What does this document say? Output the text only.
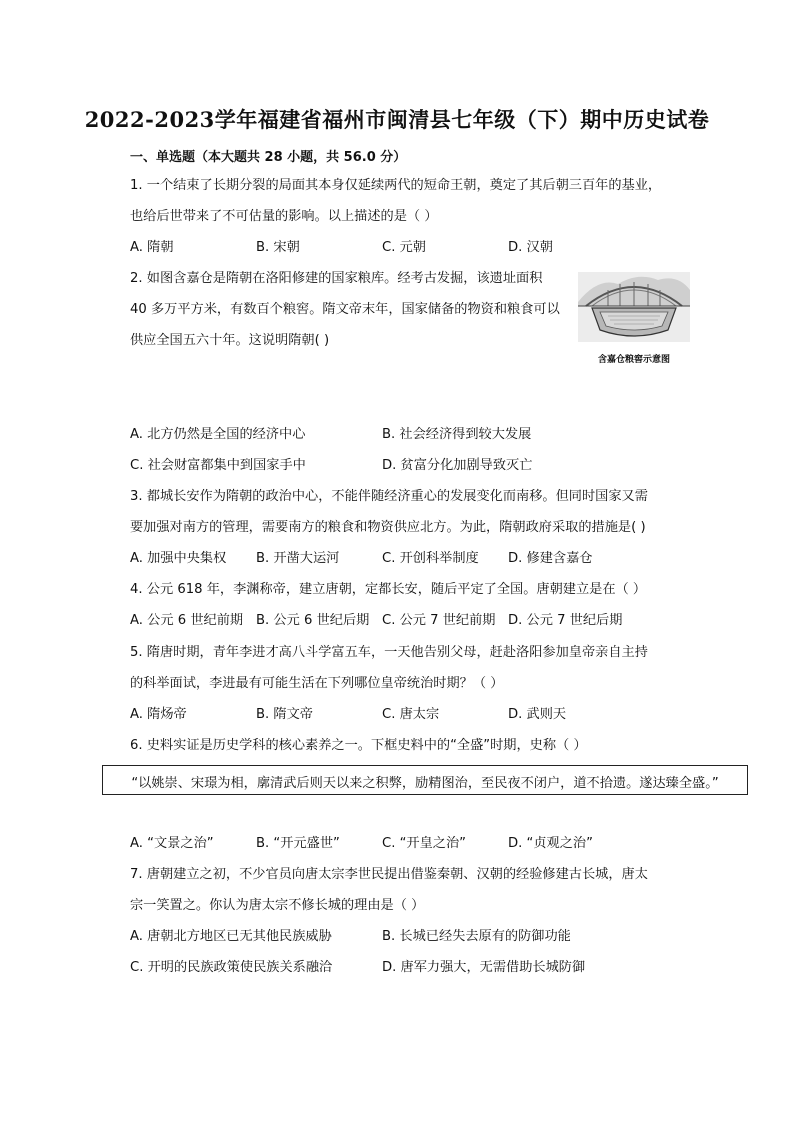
2022-2023学年福建省福州市闽清县七年级（下）期中历史试卷
一、单选题（本大题共 28 小题，共 56.0 分）
1. 一个结束了长期分裂的局面其本身仅延续两代的短命王朝，奠定了其后朝三百年的基业，
也给后世带来了不可估量的影响。以上描述的是（ ）
A. 隋朝	B. 宋朝	C. 元朝	D. 汉朝
2. 如图含嘉仓是隋朝在洛阳修建的国家粮库。经考古发掘，该遗址面积
40 多万平方米，有数百个粮窖。隋文帝末年，国家储备的物资和粮食可以
供应全国五六十年。这说明隋朝( )
含嘉仓粮窖示意图
A. 北方仍然是全国的经济中心	B. 社会经济得到较大发展
C. 社会财富都集中到国家手中	D. 贫富分化加剧导致灭亡
3. 都城长安作为隋朝的政治中心，不能伴随经济重心的发展变化而南移。但同时国家又需
要加强对南方的管理，需要南方的粮食和物资供应北方。为此，隋朝政府采取的措施是( )
A. 加强中央集权 B. 开凿大运河	C. 开创科举制度 D. 修建含嘉仓
4. 公元 618 年，李渊称帝，建立唐朝，定都长安，随后平定了全国。唐朝建立是在（ ）
A. 公元 6 世纪前期 B. 公元 6 世纪后期 C. 公元 7 世纪前期 D. 公元 7 世纪后期
5. 隋唐时期，青年李进才高八斗学富五车，一天他告别父母，赶赴洛阳参加皇帝亲自主持
的科举面试，李进最有可能生活在下列哪位皇帝统治时期？（ ）
A. 隋炀帝	B. 隋文帝	C. 唐太宗	D. 武则天
6. 史料实证是历史学科的核心素养之一。下框史料中的“全盛”时期，史称（ ）
“以姚崇、宋璟为相，廓清武后则天以来之积弊，励精图治，至民夜不闭户，道不拾遗。遂达臻全盛。”
A. “文景之治”	B. “开元盛世”	C. “开皇之治”	D. “贞观之治”
7. 唐朝建立之初，不少官员向唐太宗李世民提出借鉴秦朝、汉朝的经验修建古长城，唐太
宗一笑置之。你认为唐太宗不修长城的理由是（ ）
A. 唐朝北方地区已无其他民族威胁	B. 长城已经失去原有的防御功能
C. 开明的民族政策使民族关系融洽	D. 唐军力强大，无需借助长城防御
